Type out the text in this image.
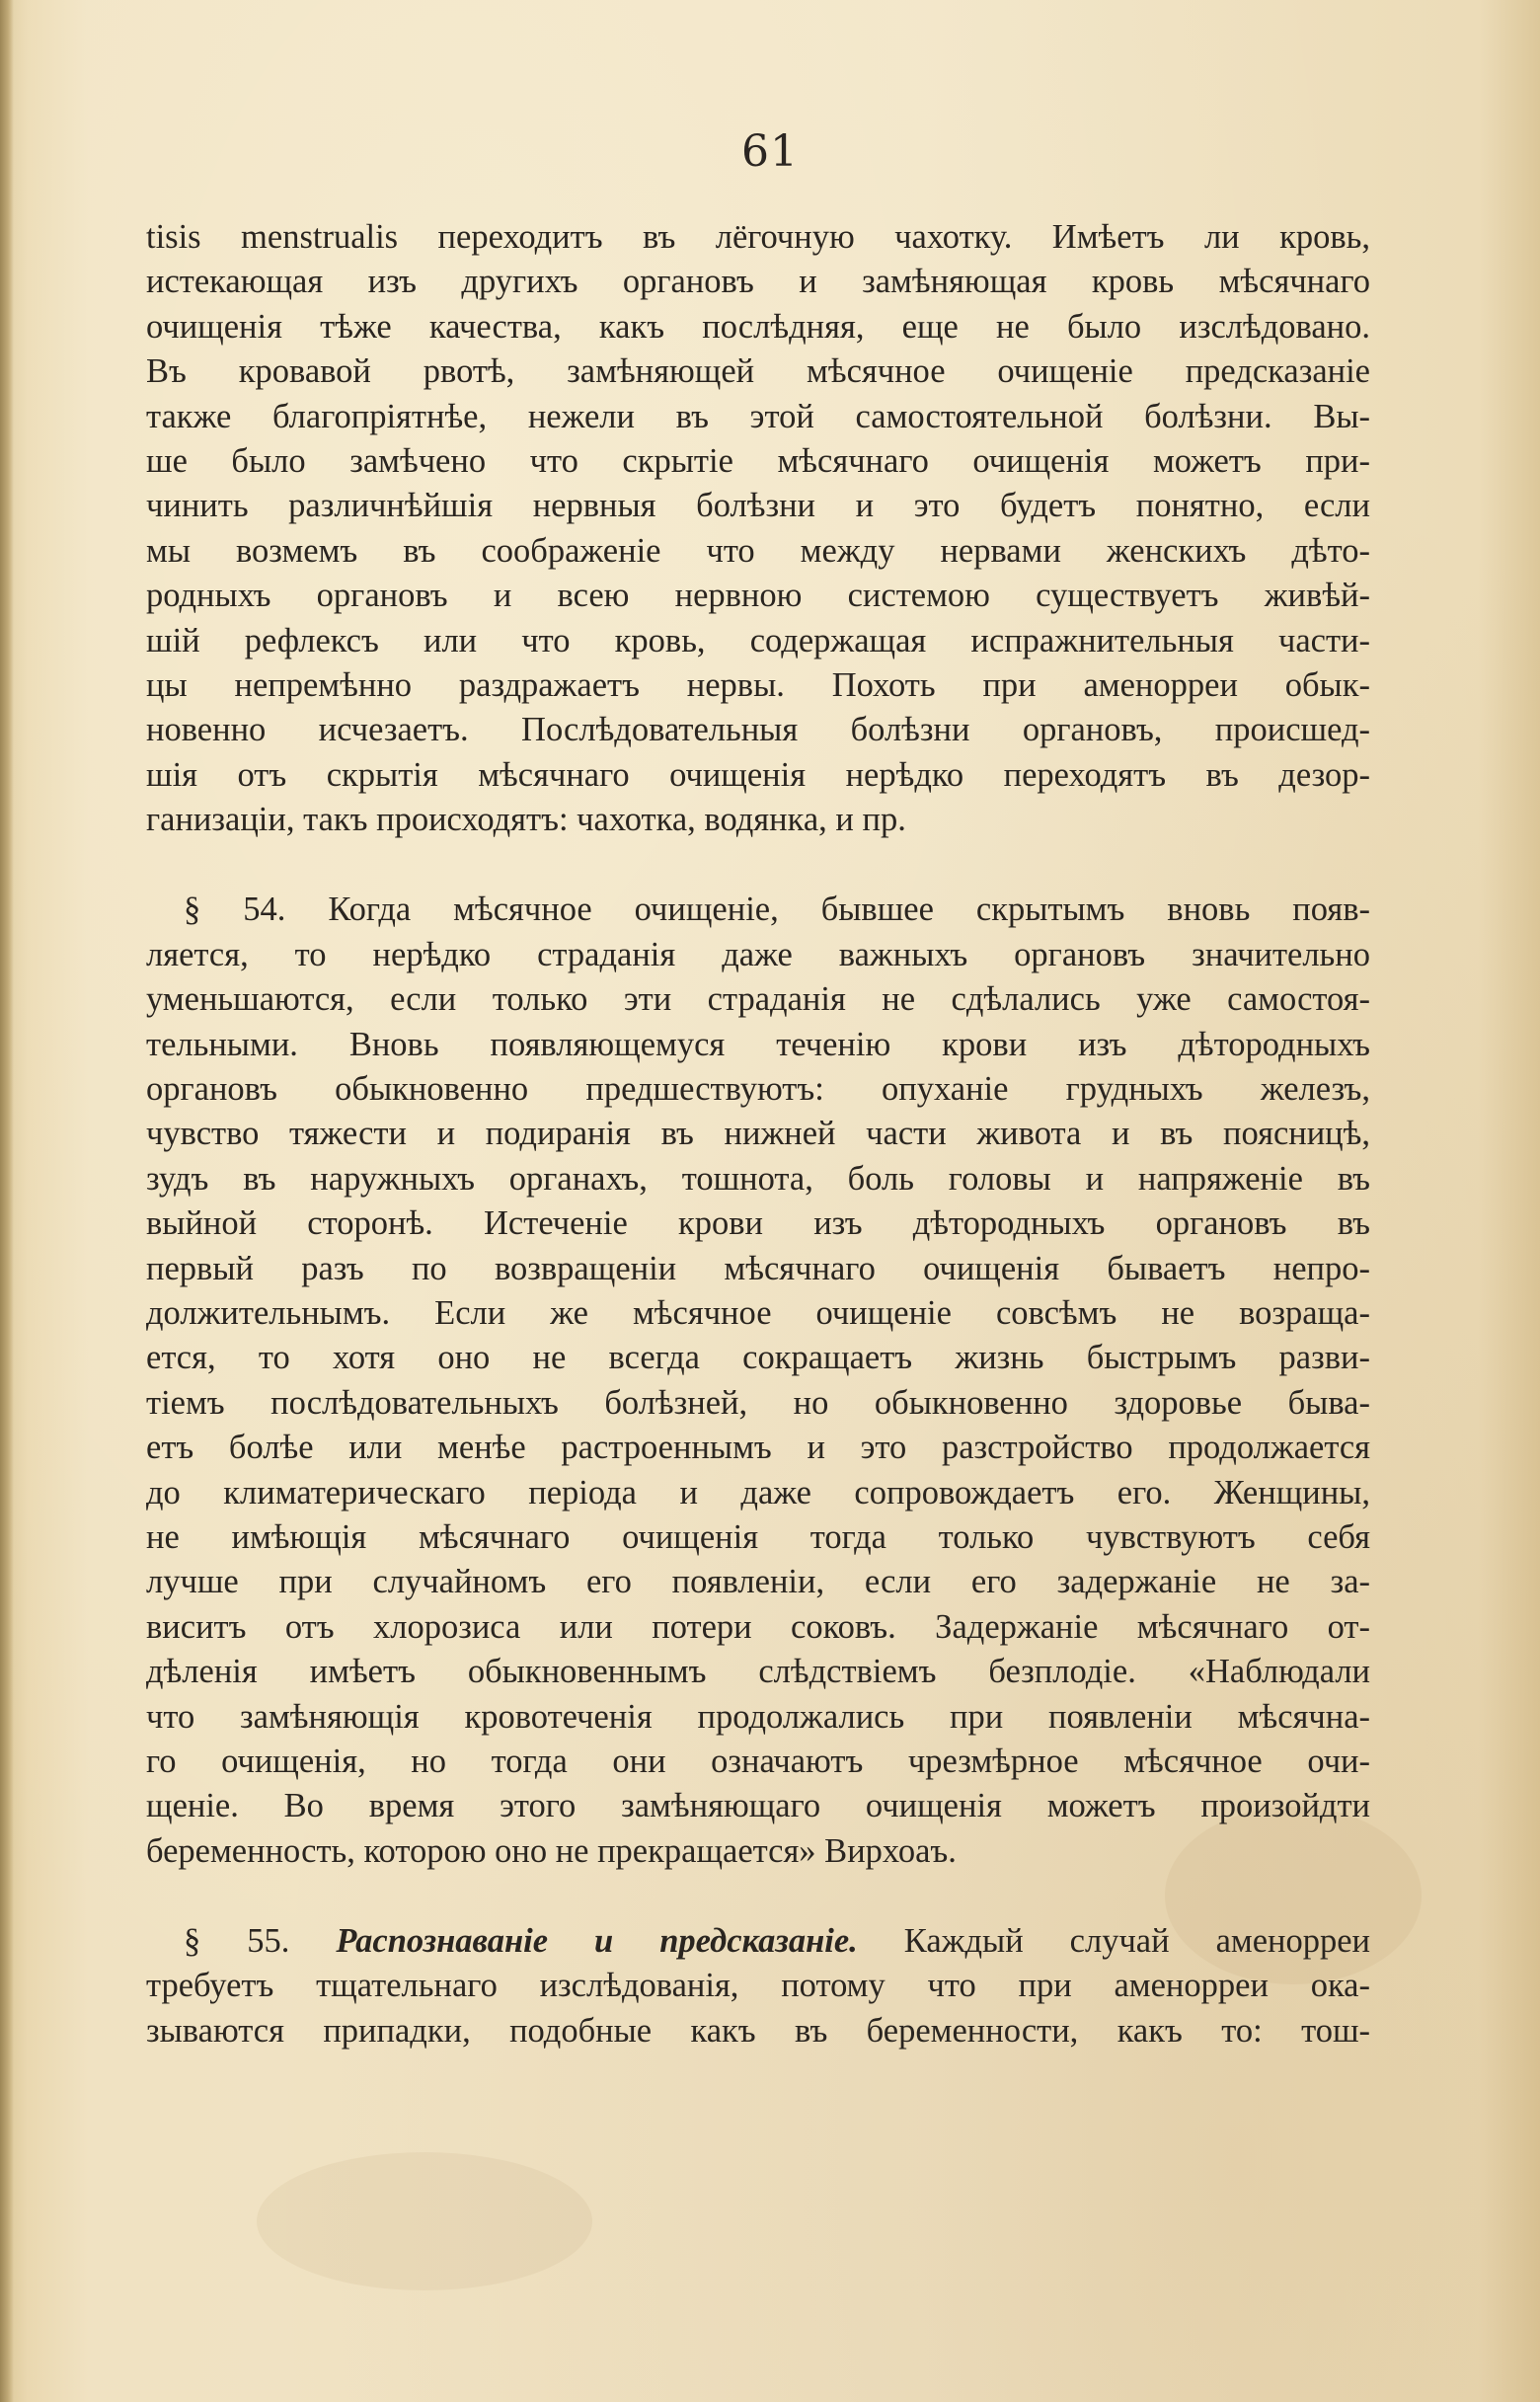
61
tisis menstrualis переходитъ въ лёгочную чахотку. Имѣетъ ли кровь,
истекающая изъ другихъ органовъ и замѣняющая кровь мѣсячнаго
очищенія тѣже качества, какъ послѣдняя, еще не было изслѣдовано.
Въ кровавой рвотѣ, замѣняющей мѣсячное очищеніе предсказаніе
также благопріятнѣе, нежели въ этой самостоятельной болѣзни. Вы-
ше было замѣчено что скрытіе мѣсячнаго очищенія можетъ при-
чинить различнѣйшія нервныя болѣзни и это будетъ понятно, если
мы возмемъ въ соображеніе что между нервами женскихъ дѣто-
родныхъ органовъ и всею нервною системою существуетъ живѣй-
шій рефлексъ или что кровь, содержащая испражнительныя части-
цы непремѣнно раздражаетъ нервы. Похоть при аменорреи обык-
новенно исчезаетъ. Послѣдовательныя болѣзни органовъ, происшед-
шія отъ скрытія мѣсячнаго очищенія нерѣдко переходятъ въ дезор-
ганизаціи, такъ происходятъ: чахотка, водянка, и пр.
§ 54. Когда мѣсячное очищеніе, бывшее скрытымъ вновь появ-
ляется, то нерѣдко страданія даже важныхъ органовъ значительно
уменьшаются, если только эти страданія не сдѣлались уже самостоя-
тельными. Вновь появляющемуся теченію крови изъ дѣтородныхъ
органовъ обыкновенно предшествуютъ: опуханіе грудныхъ железъ,
чувство тяжести и подиранія въ нижней части живота и въ поясницѣ,
зудъ въ наружныхъ органахъ, тошнота, боль головы и напряженіе въ
выйной сторонѣ. Истеченіе крови изъ дѣтородныхъ органовъ въ
первый разъ по возвращеніи мѣсячнаго очищенія бываетъ непро-
должительнымъ. Если же мѣсячное очищеніе совсѣмъ не возраща-
ется, то хотя оно не всегда сокращаетъ жизнь быстрымъ разви-
тіемъ послѣдовательныхъ болѣзней, но обыкновенно здоровье быва-
етъ болѣе или менѣе растроеннымъ и это разстройство продолжается
до климатерическаго періода и даже сопровождаетъ его. Женщины,
не имѣющія мѣсячнаго очищенія тогда только чувствуютъ себя
лучше при случайномъ его появленіи, если его задержаніе не за-
виситъ отъ хлорозиса или потери соковъ. Задержаніе мѣсячнаго от-
дѣленія имѣетъ обыкновеннымъ слѣдствіемъ безплодіе. «Наблюдали
что замѣняющія кровотеченія продолжались при появленіи мѣсячна-
го очищенія, но тогда они означаютъ чрезмѣрное мѣсячное очи-
щеніе. Во время этого замѣняющаго очищенія можетъ произойдти
беременность, которою оно не прекращается» Вирхоаъ.
§ 55. Распознаваніе и предсказаніе. Каждый случай аменорреи
требуетъ тщательнаго изслѣдованія, потому что при аменорреи ока-
зываются припадки, подобные какъ въ беременности, какъ то: тош-
